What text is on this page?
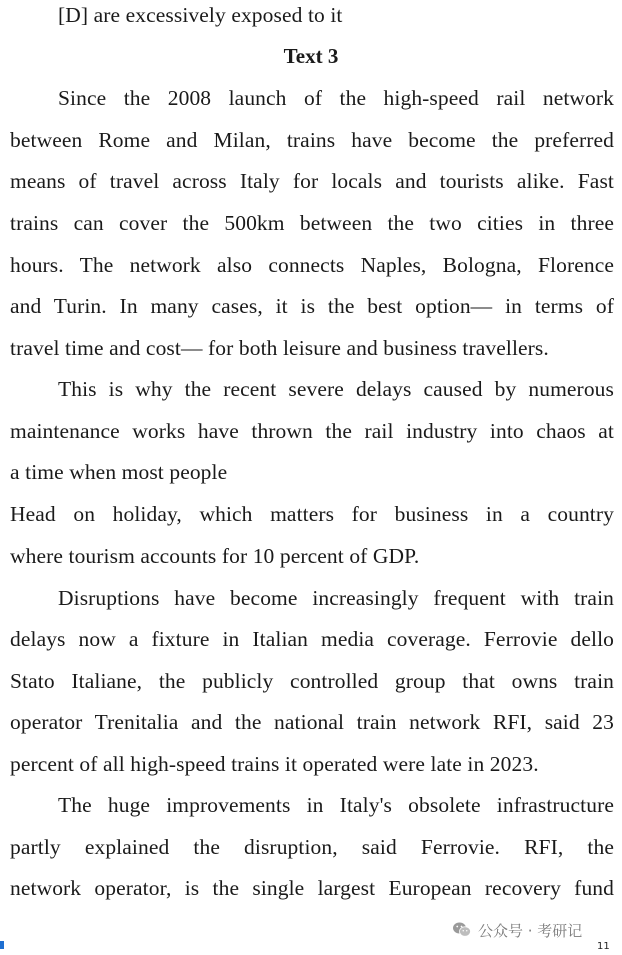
[D] are excessively exposed to it
Text 3
Since the 2008 launch of the high-speed rail network
between Rome and Milan, trains have become the preferred
means of travel across Italy for locals and tourists alike. Fast
trains can cover the 500km between the two cities in three
hours. The network also connects Naples, Bologna, Florence
and Turin. In many cases, it is the best option— in terms of
travel time and cost— for both leisure and business travellers.
This is why the recent severe delays caused by numerous
maintenance works have thrown the rail industry into chaos at
a time when most people
Head on holiday, which matters for business in a country
where tourism accounts for 10 percent of GDP.
Disruptions have become increasingly frequent with train
delays now a fixture in Italian media coverage. Ferrovie dello
Stato Italiane, the publicly controlled group that owns train
operator Trenitalia and the national train network RFI, said 23
percent of all high-speed trains it operated were late in 2023.
The huge improvements in Italy's obsolete infrastructure
partly explained the disruption, said Ferrovie. RFI, the
network operator, is the single largest European recovery fund
公众号 · 考研记
11
